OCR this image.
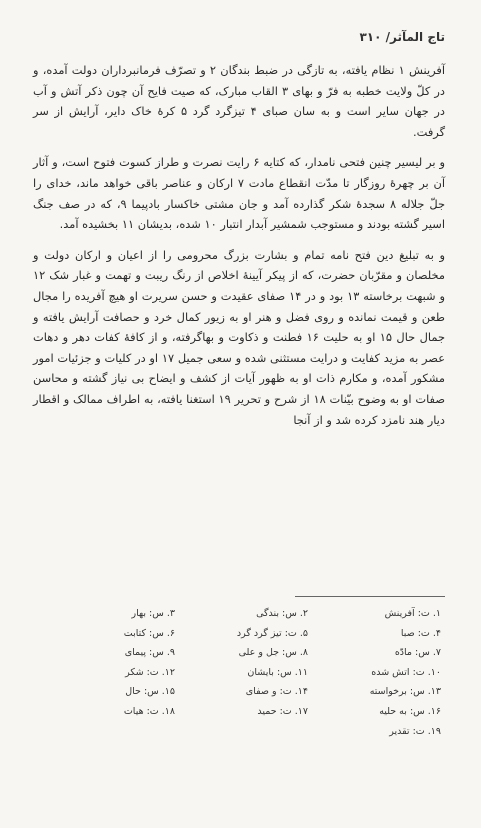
تاج المآثر/ ۳۱۰

آفرینش ۱ نظام یافته، به تازگی در ضبط بندگان ۲ و تصرّف فرمانبرداران دولت آمده، و در کلّ ولایت خطبه به فرّ و بهای ۳ القاب مبارک، که صیت فایح آن چون ذکر آتش و آب در جهان سایر است و به سان صبای ۴ تیزگرد گرد ۵ کرهٔ خاک دایر، آرایش از سر گرفت.

و بر لیسیر چنین فتحی نامدار، که کتایه ۶ رایت نصرت و طراز کسوت فتوح است، و آثار آن بر چهرهٔ روزگار تا مدّت انقطاع مادت ۷ ارکان و عناصر باقی خواهد ماند، خدای را جلّ جلاله ۸ سجدهٔ شکر گذارده آمد و جان مشتی خاکسار بادپیما ۹، که در صف جنگ اسیر گشته بودند و مستوجب شمشیر آبدار انتبار ۱۰ شده، بدیشان ۱۱ بخشیده آمد.

و به تبلیغ دین فتح نامه تمام و بشارت بزرگ محرومی را از اعیان و ارکان دولت و مخلصان و مقرّبان حضرت، که از پیکر آیینهٔ اخلاص از رنگ ریبت و تهمت و غبار شک ۱۲ و شبهت برخاسته ۱۳ بود و در ۱۴ صفای عقیدت و حسن سریرت او هیچ آفریده را مجال طعن و قیمت نمانده و روی فضل و هنر او به زیور کمال خرد و حصافت آرایش یافته و جمال حال ۱۵ او به حلیت ۱۶ فطنت و ذکاوت و بهاگرفته، و از کافهٔ کفات دهر و دهات عصر به مزید کفایت و درایت مستثنی شده و سعی جمیل ۱۷ او در کلیات و جزئیات امور مشکور آمده، و مکارم ذات او به ظهور آیات از کشف و ایضاح بی نیاز گشته و محاسن صفات او به وضوح بیّنات ۱۸ از شرح و تحریر ۱۹ استغنا یافته، به اطراف ممالک و اقطار دیار هند نامزد کرده شد و از آنجا

۱. ت: آفرینش
۲. س: بندگی
۳. س: بهار
۴. ت: صبا
۵. ت: تیز گرد گرد
۶. س: کتابت
۷. س: مادّه
۸. س: جل و علی
۹. س: پیمای
۱۰. ت: اتش شده
۱۱. س: بایشان
۱۲. ت: شکر
۱۳. س: برخواسته
۱۴. ت: و صفای
۱۵. س: حال
۱۶. س: به حلیه
۱۷. ت: حمید
۱۸. ت: هیات
۱۹. ت: تقدیر
